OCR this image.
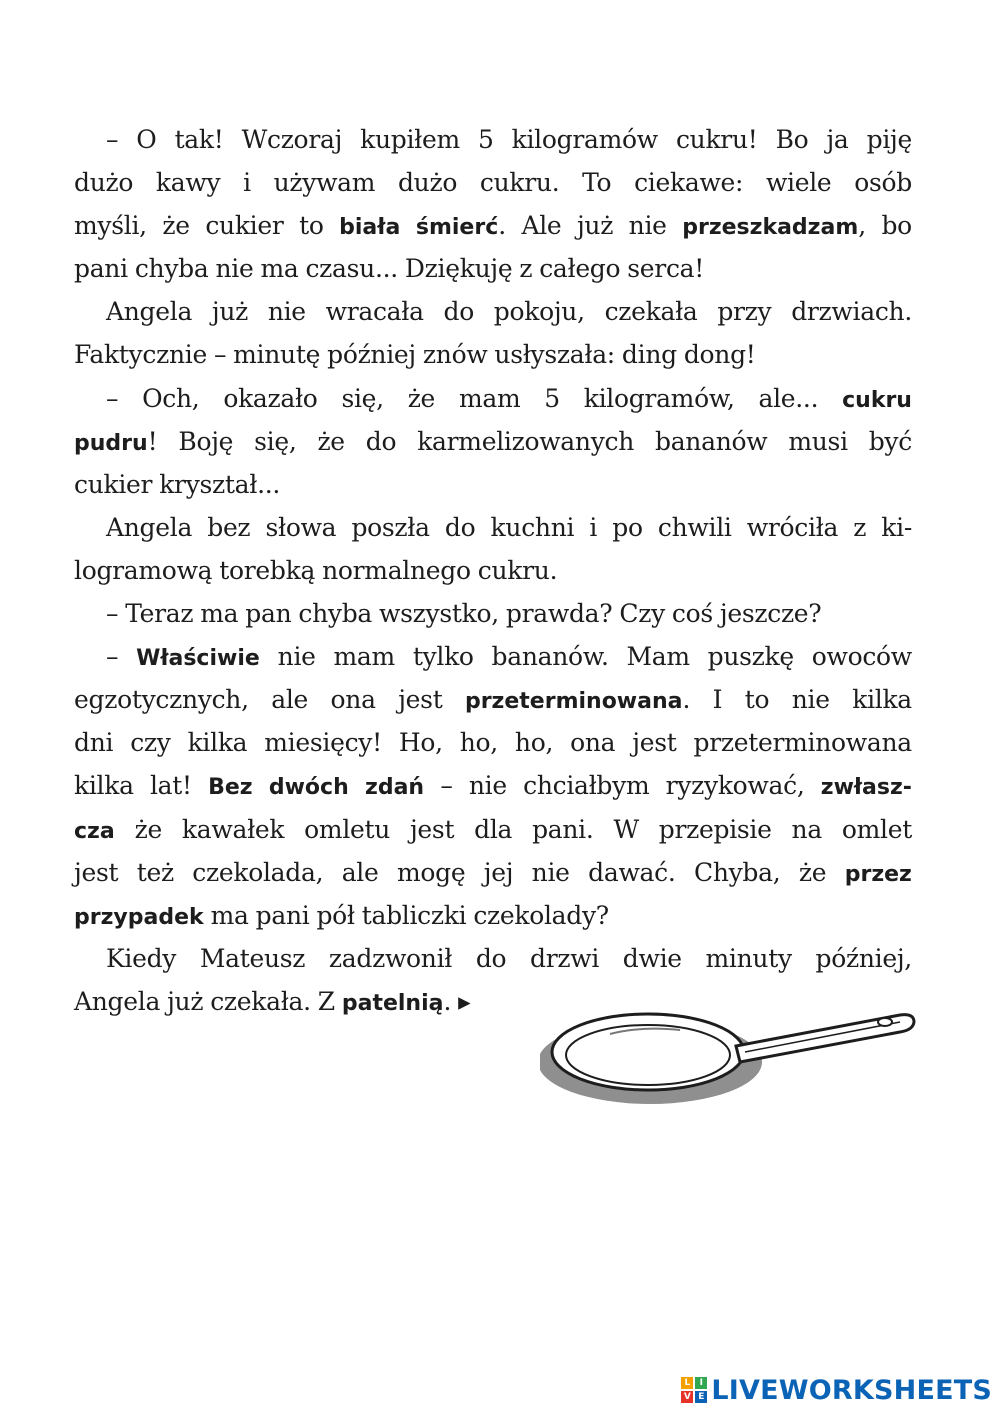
– O tak! Wczoraj kupiłem 5 kilogramów cukru! Bo ja piję
dużo kawy i używam dużo cukru. To ciekawe: wiele osób
myśli, że cukier to biała śmierć. Ale już nie przeszkadzam, bo
pani chyba nie ma czasu... Dziękuję z całego serca!
Angela już nie wracała do pokoju, czekała przy drzwiach.
Faktycznie – minutę później znów usłyszała: ding dong!
– Och, okazało się, że mam 5 kilogramów, ale... cukru
pudru! Boję się, że do karmelizowanych bananów musi być
cukier kryształ...
Angela bez słowa poszła do kuchni i po chwili wróciła z ki-
logramową torebką normalnego cukru.
– Teraz ma pan chyba wszystko, prawda? Czy coś jeszcze?
– Właściwie nie mam tylko bananów. Mam puszkę owoców
egzotycznych, ale ona jest przeterminowana. I to nie kilka
dni czy kilka miesięcy! Ho, ho, ho, ona jest przeterminowana
kilka lat! Bez dwóch zdań – nie chciałbym ryzykować, zwłasz-
cza że kawałek omletu jest dla pani. W przepisie na omlet
jest też czekolada, ale mogę jej nie dawać. Chyba, że przez
przypadek ma pani pół tabliczki czekolady?
Kiedy Mateusz zadzwonił do drzwi dwie minuty później,
Angela już czekała. Z patelnią. ▸
L	I
V E LIVEWORKSHEETS
